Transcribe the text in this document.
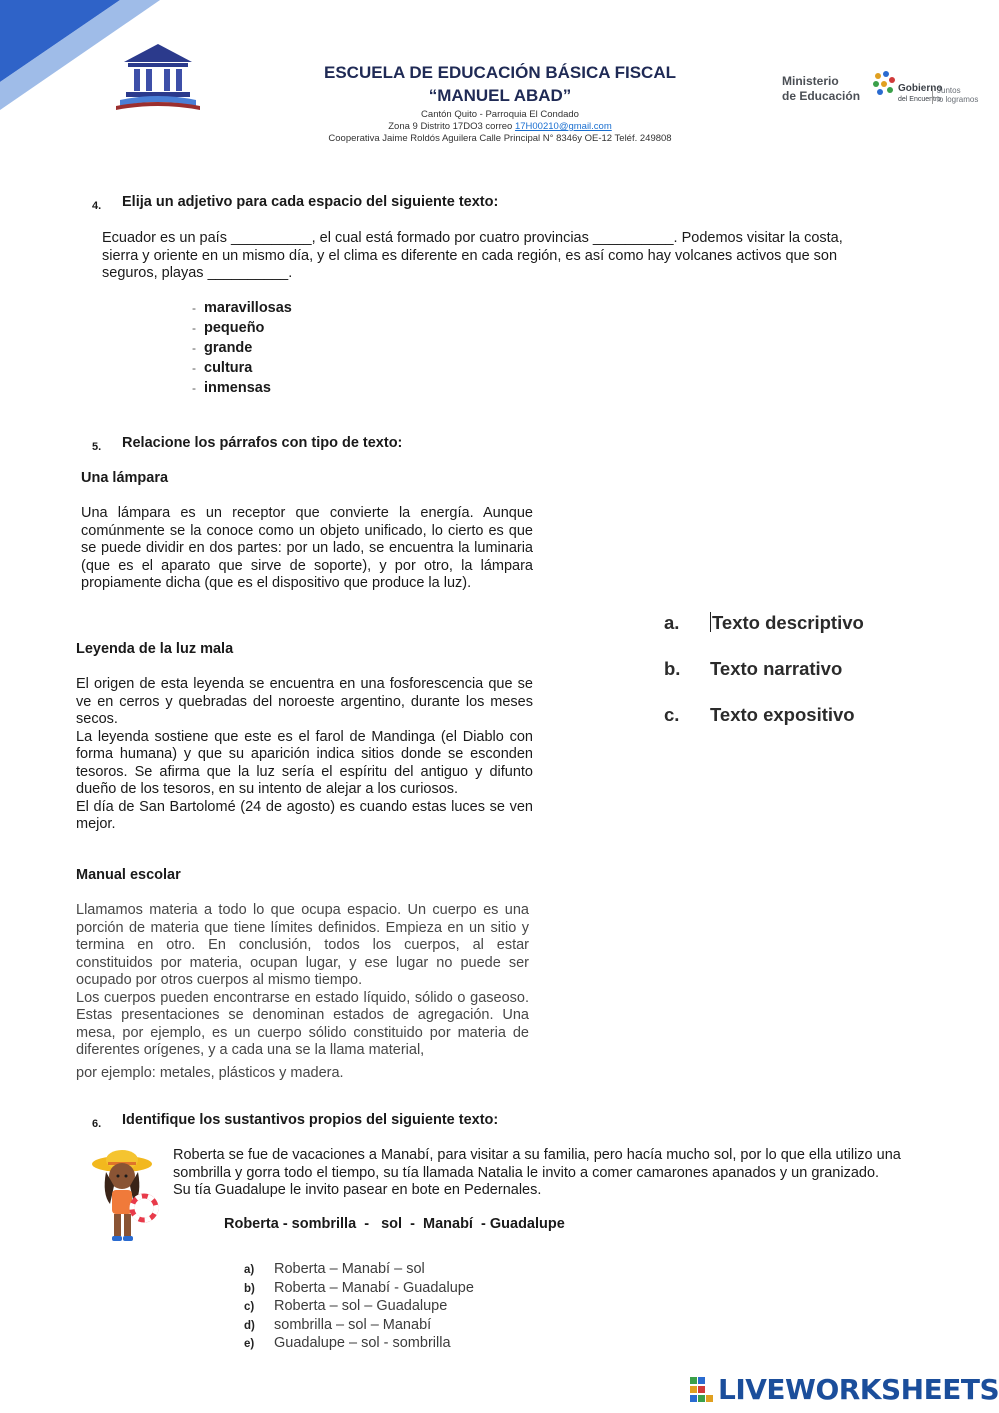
ESCUELA DE EDUCACIÓN BÁSICA FISCAL
“MANUEL ABAD”
Cantón Quito - Parroquia El Condado
Zona 9 Distrito 17DO3 correo 17H00210@gmail.com
Cooperativa Jaime Roldós Aguilera Calle Principal N° 8346y OE-12 Teléf. 249808
Ministerio
de Educación
Gobierno
del Encuentro
Juntos
lo logramos
4. Elija un adjetivo para cada espacio del siguiente texto:
Ecuador es un país __________, el cual está formado por cuatro provincias __________. Podemos visitar la costa,
sierra y oriente en un mismo día, y el clima es diferente en cada región, es así como hay volcanes activos que son
seguros, playas __________.
- maravillosas
- pequeño
- grande
- cultura
- inmensas
5. Relacione los párrafos con tipo de texto:
Una lámpara
Una lámpara es un receptor que convierte la energía. Aunque comúnmente se la conoce como un objeto unificado, lo cierto es que se puede dividir en dos partes: por un lado, se encuentra la luminaria (que es el aparato que sirve de soporte), y por otro, la lámpara propiamente dicha (que es el dispositivo que produce la luz).
Leyenda de la luz mala
El origen de esta leyenda se encuentra en una fosforescencia que se ve en cerros y quebradas del noroeste argentino, durante los meses secos.
La leyenda sostiene que este es el farol de Mandinga (el Diablo con forma humana) y que su aparición indica sitios donde se esconden tesoros. Se afirma que la luz sería el espíritu del antiguo y difunto dueño de los tesoros, en su intento de alejar a los curiosos.
El día de San Bartolomé (24 de agosto) es cuando estas luces se ven mejor.
Manual escolar
Llamamos materia a todo lo que ocupa espacio. Un cuerpo es una porción de materia que tiene límites definidos. Empieza en un sitio y termina en otro. En conclusión, todos los cuerpos, al estar constituidos por materia, ocupan lugar, y ese lugar no puede ser ocupado por otros cuerpos al mismo tiempo.
Los cuerpos pueden encontrarse en estado líquido, sólido o gaseoso. Estas presentaciones se denominan estados de agregación. Una mesa, por ejemplo, es un cuerpo sólido constituido por materia de diferentes orígenes, y a cada una se la llama material,
por ejemplo: metales, plásticos y madera.
a. Texto descriptivo
b. Texto narrativo
c. Texto expositivo
6. Identifique los sustantivos propios del siguiente texto:
Roberta se fue de vacaciones a Manabí, para visitar a su familia, pero hacía mucho sol, por lo que ella utilizo una
sombrilla y gorra todo el tiempo, su tía llamada Natalia le invito a comer camarones apanados y un granizado.
Su tía Guadalupe le invito pasear en bote en Pedernales.
Roberta - sombrilla  -   sol  -  Manabí  - Guadalupe
a) Roberta – Manabí – sol
b) Roberta – Manabí - Guadalupe
c) Roberta – sol – Guadalupe
d) sombrilla – sol – Manabí
e) Guadalupe – sol - sombrilla
LIVEWORKSHEETS
